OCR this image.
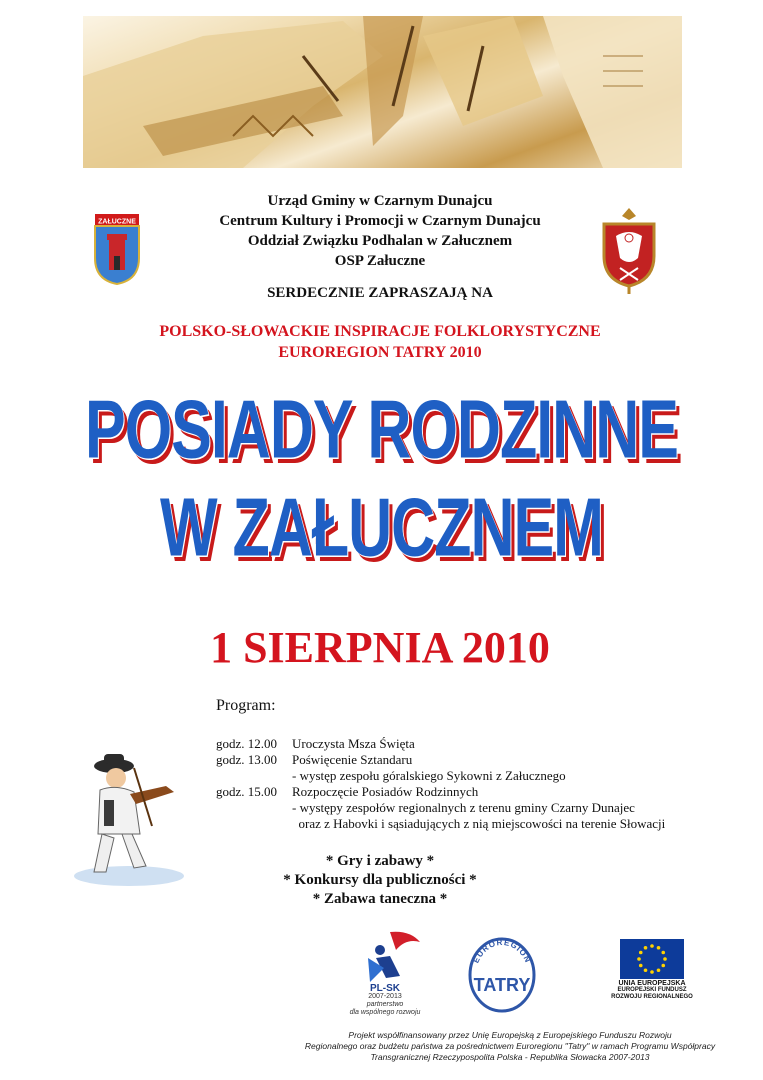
ZAŁUCZNE
Urząd Gminy w Czarnym Dunajcu
Centrum Kultury i Promocji w Czarnym Dunajcu
Oddział Związku Podhalan w Załucznem
OSP Załuczne
SERDECZNIE ZAPRASZAJĄ NA
POLSKO-SŁOWACKIE INSPIRACJE FOLKLORYSTYCZNE
EUROREGION TATRY 2010
POSIADY RODZINNE
W ZAŁUCZNEM
1 SIERPNIA 2010
Program:
godz. 12.00	Uroczysta Msza Święta
godz. 13.00	Poświęcenie Sztandaru
- występ zespołu góralskiego Sykowni z Załucznego
godz. 15.00	Rozpoczęcie Posiadów Rodzinnych
- występy zespołów regionalnych z terenu gminy Czarny Dunajec
oraz z Habovki i sąsiadujących z nią miejscowości na terenie Słowacji
* Gry i zabawy *
* Konkursy dla publiczności *
* Zabawa taneczna *
PL-SK
2007-2013
partnerstwo
dla wspólnego rozwoju
EUROREGION
TATRY	UNIA EUROPEJSKA
EUROPEJSKI FUNDUSZ
ROZWOJU REGIONALNEGO
Projekt współfinansowany przez Unię Europejską z Europejskiego Funduszu Rozwoju
Regionalnego oraz budżetu państwa za pośrednictwem Euroregionu "Tatry" w ramach Programu Współpracy
Transgranicznej Rzeczypospolita Polska - Republika Słowacka 2007-2013
